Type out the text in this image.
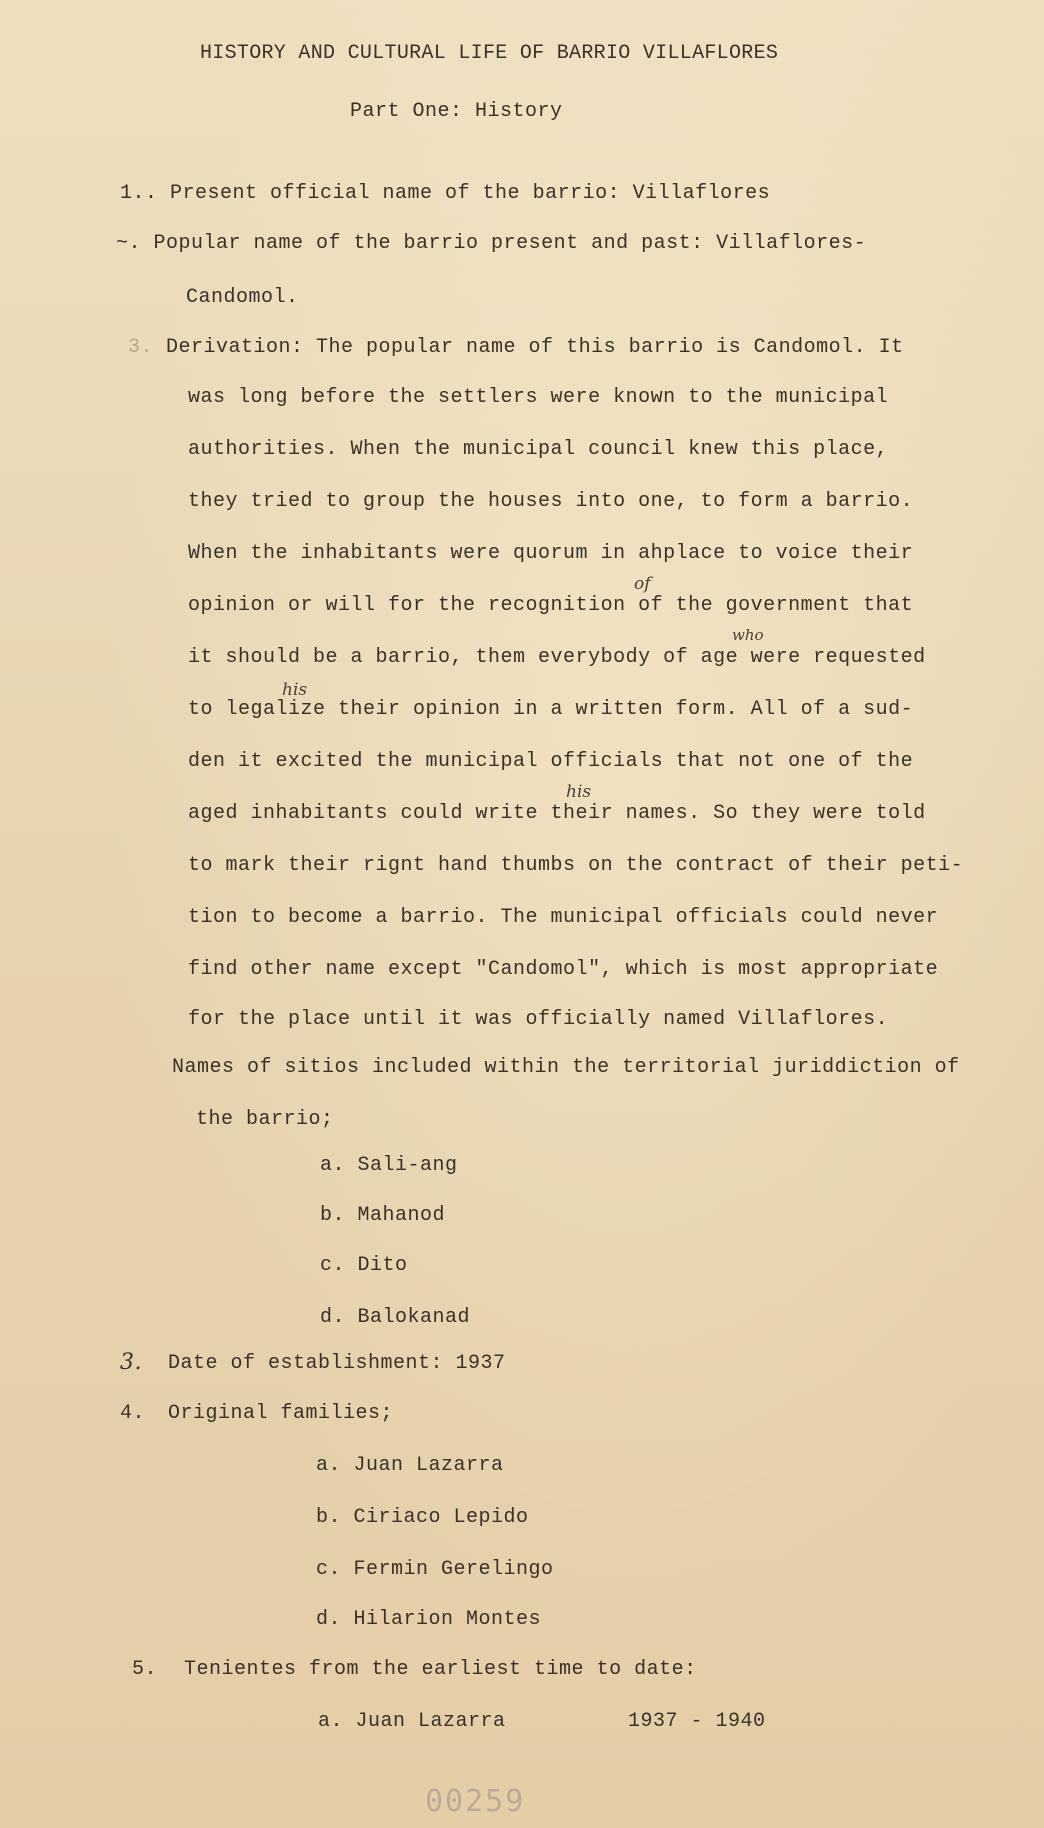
HISTORY AND CULTURAL LIFE OF BARRIO VILLAFLORES
Part One: History
1.. Present official name of the barrio: Villaflores
~. Popular name of the barrio present and past: Villaflores-
Candomol.
3. Derivation: The popular name of this barrio is Candomol. It
was long before the settlers were known to the municipal
authorities. When the municipal council knew this place,
they tried to group the houses into one, to form a barrio.
When the inhabitants were quorum in ahplace to voice their
opinion or will for the recognition of the government that
it should be a barrio, them everybody of age were requested
to legalize their opinion in a written form. All of a sud-
den it excited the municipal officials that not one of the
aged inhabitants could write their names. So they were told
to mark their rignt hand thumbs on the contract of their peti-
tion to become a barrio. The municipal officials could never
find other name except "Candomol", which is most appropriate
for the place until it was officially named Villaflores.
of
who
his
his
Names of sitios included within the territorial juriddiction of
the barrio;
a. Sali-ang
b. Mahanod
c. Dito
d. Balokanad
3. Date of establishment: 1937
4. Original families;
a. Juan Lazarra
b. Ciriaco Lepido
c. Fermin Gerelingo
d. Hilarion Montes
5. Tenientes from the earliest time to date:
a. Juan Lazarra	1937 - 1940
00259
